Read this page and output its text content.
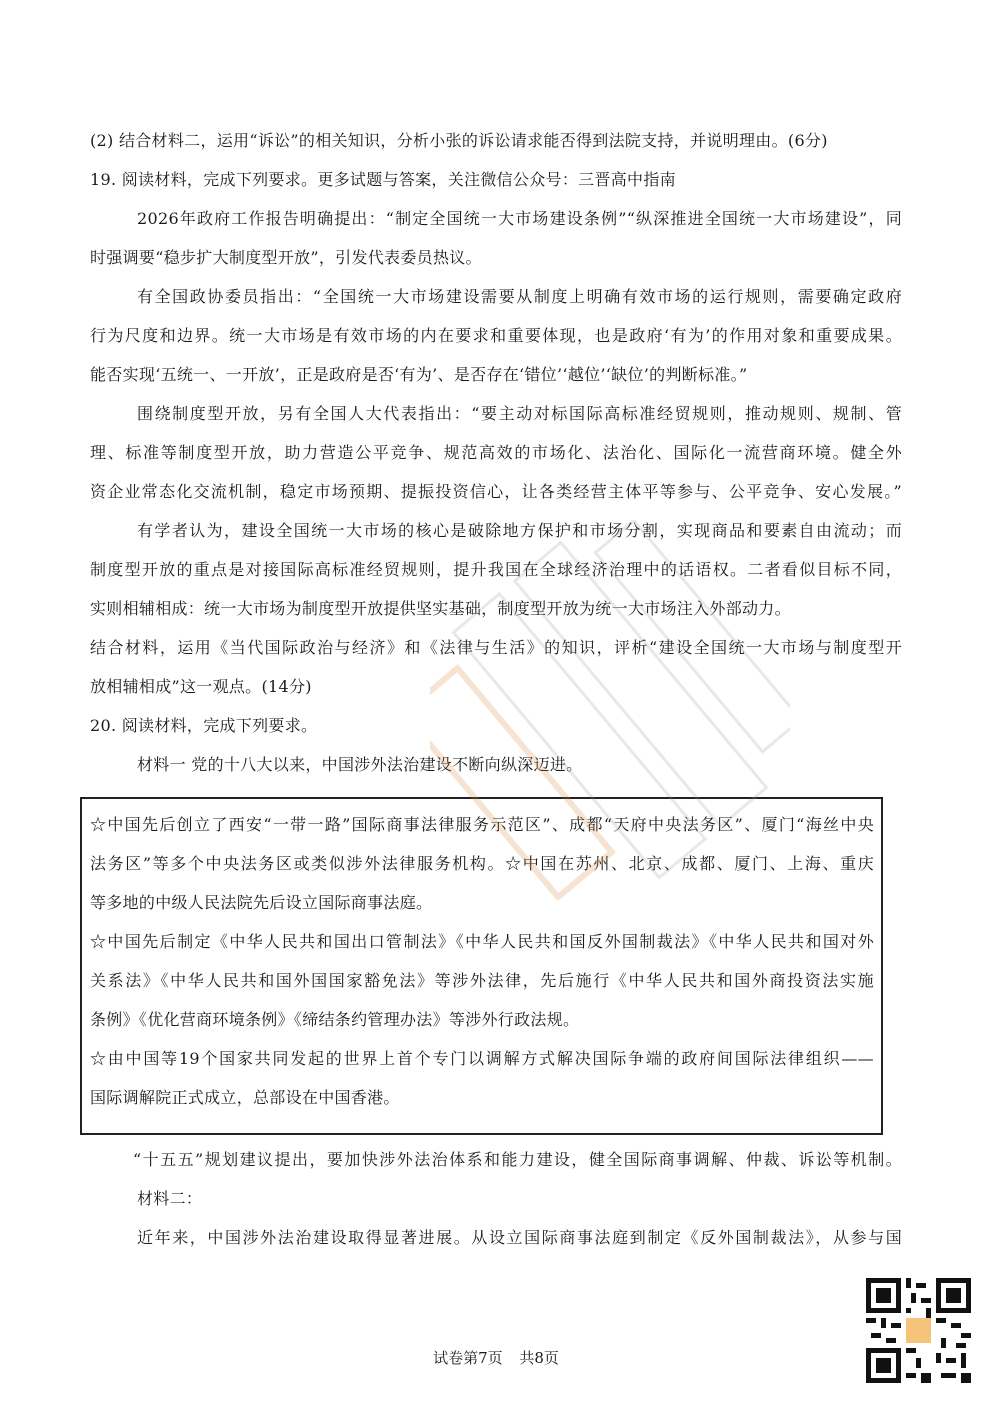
(2) 结合材料二，运用“诉讼”的相关知识，分析小张的诉讼请求能否得到法院支持，并说明理由。(6分)
19. 阅读材料，完成下列要求。更多试题与答案，关注微信公众号：三晋高中指南
2026年政府工作报告明确提出：“制定全国统一大市场建设条例”“纵深推进全国统一大市场建设”，同
时强调要“稳步扩大制度型开放”，引发代表委员热议。
有全国政协委员指出：“全国统一大市场建设需要从制度上明确有效市场的运行规则，需要确定政府
行为尺度和边界。统一大市场是有效市场的内在要求和重要体现，也是政府‘有为’的作用对象和重要成果。
能否实现‘五统一、一开放’，正是政府是否‘有为’、是否存在‘错位’‘越位’‘缺位’的判断标准。”
围绕制度型开放，另有全国人大代表指出：“要主动对标国际高标准经贸规则，推动规则、规制、管
理、标准等制度型开放，助力营造公平竞争、规范高效的市场化、法治化、国际化一流营商环境。健全外
资企业常态化交流机制，稳定市场预期、提振投资信心，让各类经营主体平等参与、公平竞争、安心发展。”
有学者认为，建设全国统一大市场的核心是破除地方保护和市场分割，实现商品和要素自由流动；而
制度型开放的重点是对接国际高标准经贸规则，提升我国在全球经济治理中的话语权。二者看似目标不同，
实则相辅相成：统一大市场为制度型开放提供坚实基础，制度型开放为统一大市场注入外部动力。
结合材料，运用《当代国际政治与经济》和《法律与生活》的知识，评析“建设全国统一大市场与制度型开
放相辅相成”这一观点。(14分)
20. 阅读材料，完成下列要求。
材料一 党的十八大以来，中国涉外法治建设不断向纵深迈进。
☆中国先后创立了西安“一带一路”国际商事法律服务示范区”、成都“天府中央法务区”、厦门“海丝中央
法务区”等多个中央法务区或类似涉外法律服务机构。☆中国在苏州、北京、成都、厦门、上海、重庆
等多地的中级人民法院先后设立国际商事法庭。
☆中国先后制定《中华人民共和国出口管制法》《中华人民共和国反外国制裁法》《中华人民共和国对外
关系法》《中华人民共和国外国国家豁免法》等涉外法律，先后施行《中华人民共和国外商投资法实施
条例》《优化营商环境条例》《缔结条约管理办法》等涉外行政法规。
☆由中国等19个国家共同发起的世界上首个专门以调解方式解决国际争端的政府间国际法律组织——
国际调解院正式成立，总部设在中国香港。
“十五五”规划建议提出，要加快涉外法治体系和能力建设，健全国际商事调解、仲裁、诉讼等机制。
材料二：
近年来，中国涉外法治建设取得显著进展。从设立国际商事法庭到制定《反外国制裁法》，从参与国
试卷第7页 共8页
